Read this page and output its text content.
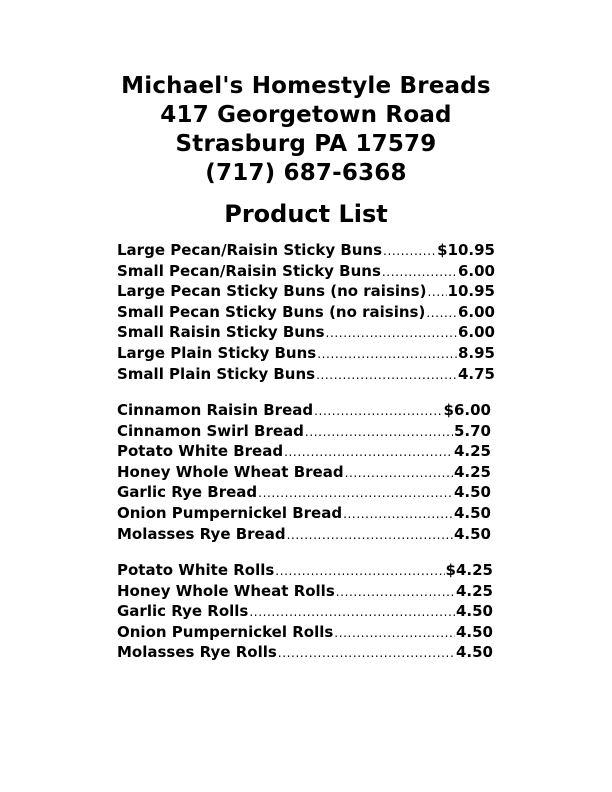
Michael's Homestyle Breads
417 Georgetown Road
Strasburg PA 17579
(717) 687-6368
Product List
Large Pecan/Raisin Sticky Buns .....	$10.95
Small Pecan/Raisin Sticky Buns .....	6.00
Large Pecan Sticky Buns (no raisins) ..... 10.95
Small Pecan Sticky Buns (no raisins) ..... 6.00
Small Raisin Sticky Buns .....	6.00
Large Plain Sticky Buns .....	8.95
Small Plain Sticky Buns .....	4.75
Cinnamon Raisin Bread .....	$6.00
Cinnamon Swirl Bread .....	5.70
Potato White Bread .....	4.25
Honey Whole Wheat Bread .....	4.25
Garlic Rye Bread .....	4.50
Onion Pumpernickel Bread .....	4.50
Molasses Rye Bread .....	4.50
Potato White Rolls .....	$4.25
Honey Whole Wheat Rolls .....	4.25
Garlic Rye Rolls .....	4.50
Onion Pumpernickel Rolls .....	4.50
Molasses Rye Rolls .....	4.50
